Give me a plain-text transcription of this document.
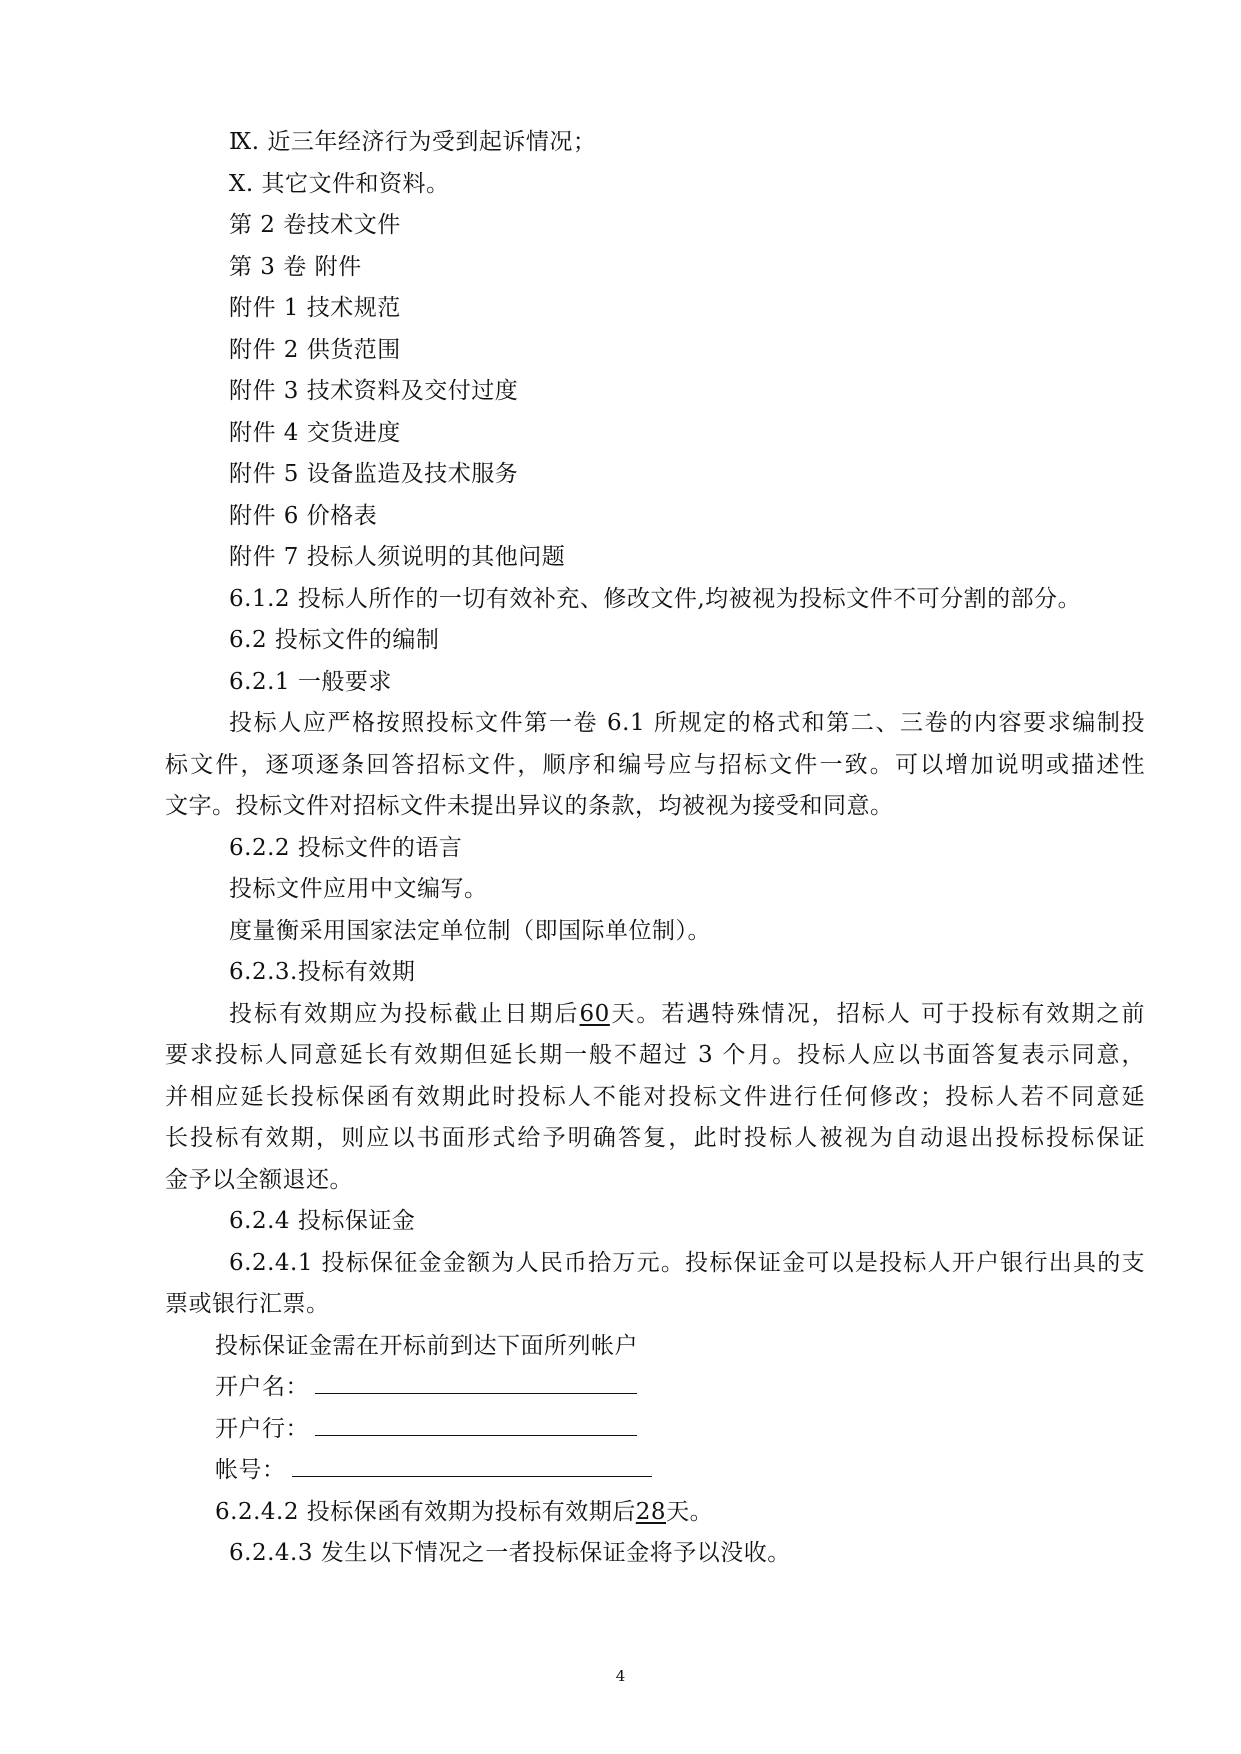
Ⅸ. 近三年经济行为受到起诉情况；
Ⅹ. 其它文件和资料。
第 2 卷技术文件
第 3 卷 附件
附件 1 技术规范
附件 2 供货范围
附件 3 技术资料及交付过度
附件 4 交货进度
附件 5 设备监造及技术服务
附件 6 价格表
附件 7 投标人须说明的其他问题
6.1.2 投标人所作的一切有效补充、修改文件,均被视为投标文件不可分割的部分。
6.2 投标文件的编制
6.2.1 一般要求
投标人应严格按照投标文件第一卷 6.1 所规定的格式和第二、三卷的内容要求编制投
标文件，逐项逐条回答招标文件，顺序和编号应与招标文件一致。可以增加说明或描述性
文字。投标文件对招标文件未提出异议的条款，均被视为接受和同意。
6.2.2 投标文件的语言
投标文件应用中文编写。
度量衡采用国家法定单位制（即国际单位制）。
6.2.3.投标有效期
投标有效期应为投标截止日期后60天。若遇特殊情况，招标人 可于投标有效期之前
要求投标人同意延长有效期但延长期一般不超过 3 个月。投标人应以书面答复表示同意，
并相应延长投标保函有效期此时投标人不能对投标文件进行任何修改；投标人若不同意延
长投标有效期，则应以书面形式给予明确答复，此时投标人被视为自动退出投标投标保证
金予以全额退还。
6.2.4 投标保证金
6.2.4.1 投标保征金金额为人民币拾万元。投标保证金可以是投标人开户银行出具的支
票或银行汇票。
投标保证金需在开标前到达下面所列帐户
开户名：
开户行：
帐号：
6.2.4.2 投标保函有效期为投标有效期后28天。
6.2.4.3 发生以下情况之一者投标保证金将予以没收。
4
